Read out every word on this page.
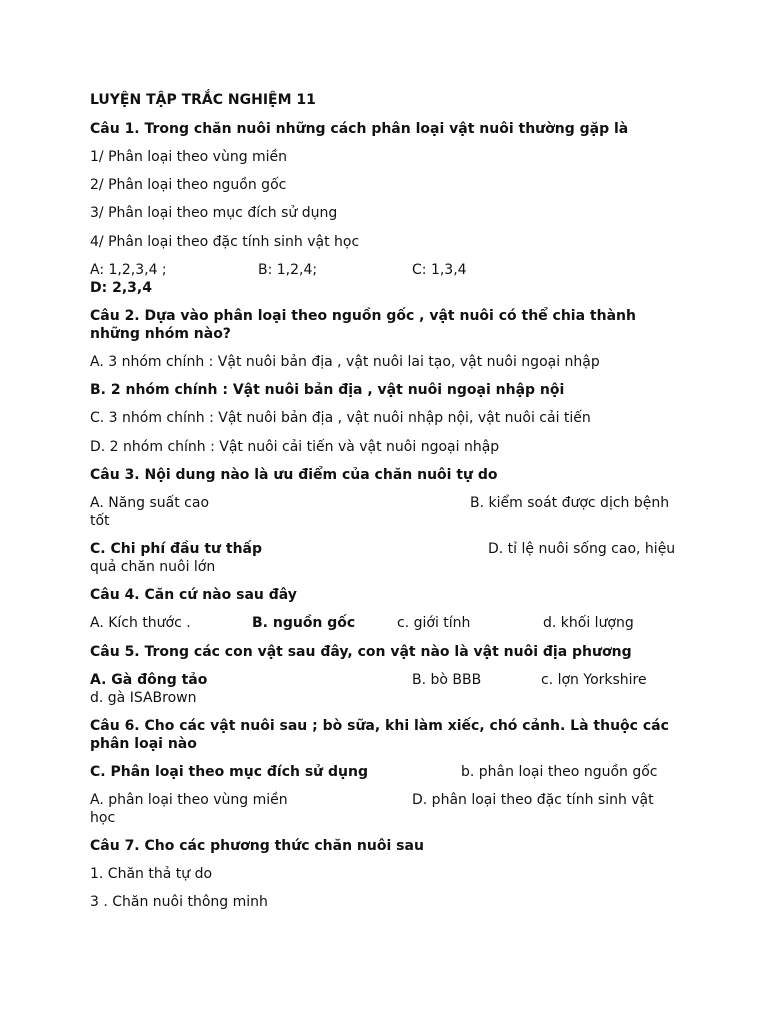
LUYỆN TẬP TRẮC NGHIỆM 11
Câu 1. Trong chăn nuôi những cách phân loại vật nuôi thường gặp là
1/ Phân loại theo vùng miền
2/ Phân loại theo nguồn gốc
3/ Phân loại theo mục đích sử dụng
4/ Phân loại theo đặc tính sinh vật học
A: 1,2,3,4 ;	B: 1,2,4;	C: 1,3,4
D: 2,3,4
Câu 2. Dựa vào phân loại theo nguồn gốc , vật nuôi có thể chia thành
những nhóm nào?
A. 3 nhóm chính : Vật nuôi bản địa , vật nuôi lai tạo, vật nuôi ngoại nhập
B. 2 nhóm chính : Vật nuôi bản địa , vật nuôi ngoại nhập nội
C. 3 nhóm chính : Vật nuôi bản địa , vật nuôi nhập nội, vật nuôi cải tiến
D. 2 nhóm chính : Vật nuôi cải tiến và vật nuôi ngoại nhập
Câu 3. Nội dung nào là ưu điểm của chăn nuôi tự do
A. Năng suất cao	B. kiểm soát được dịch bệnh
tốt
C. Chi phí đầu tư thấp	D. tỉ lệ nuôi sống cao, hiệu
quả chăn nuôi lớn
Câu 4. Căn cứ nào sau đây
A. Kích thước .	B. nguồn gốc	c. giới tính	d. khối lượng
Câu 5. Trong các con vật sau đây, con vật nào là vật nuôi địa phương
A. Gà đông tảo	B. bò BBB	c. lợn Yorkshire
d. gà ISABrown
Câu 6. Cho các vật nuôi sau ; bò sữa, khi làm xiếc, chó cảnh. Là thuộc các
phân loại nào
C. Phân loại theo mục đích sử dụng	b. phân loại theo nguồn gốc
A. phân loại theo vùng miền	D. phân loại theo đặc tính sinh vật
học
Câu 7. Cho các phương thức chăn nuôi sau
1. Chăn thả tự do
3 . Chăn nuôi thông minh
